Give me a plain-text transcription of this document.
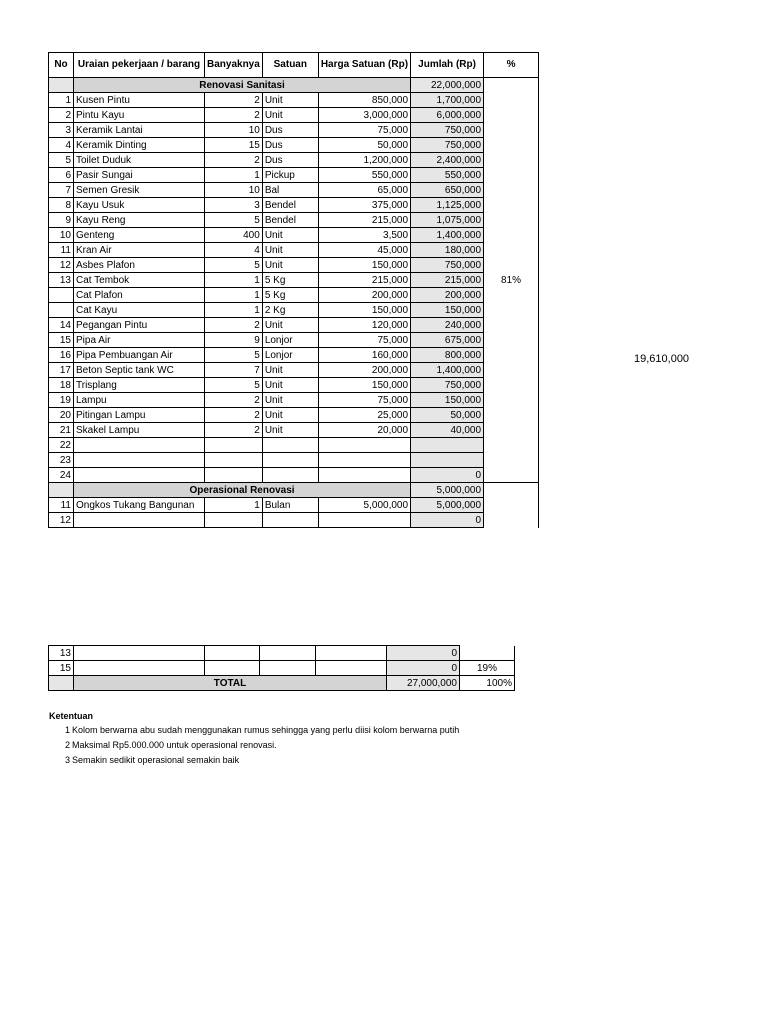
No	Uraian pekerjaan / barang	Banyaknya	Satuan	Harga Satuan (Rp)	Jumlah (Rp)	%
	Renovasi Sanitasi				22,000,000	81%
1	Kusen Pintu	2	Unit	850,000	1,700,000	
2	Pintu Kayu	2	Unit	3,000,000	6,000,000	
3	Keramik Lantai	10	Dus	75,000	750,000	
4	Keramik Dinting	15	Dus	50,000	750,000	
5	Toilet Duduk	2	Dus	1,200,000	2,400,000	
6	Pasir Sungai	1	Pickup	550,000	550,000	
7	Semen Gresik	10	Bal	65,000	650,000	
8	Kayu Usuk	3	Bendel	375,000	1,125,000	
9	Kayu Reng	5	Bendel	215,000	1,075,000	
10	Genteng	400	Unit	3,500	1,400,000	
11	Kran Air	4	Unit	45,000	180,000	
12	Asbes Plafon	5	Unit	150,000	750,000	
13	Cat Tembok	1	5 Kg	215,000	215,000	
	Cat Plafon	1	5 Kg	200,000	200,000	
	Cat Kayu	1	2 Kg	150,000	150,000	
14	Pegangan Pintu	2	Unit	120,000	240,000	
15	Pipa Air	9	Lonjor	75,000	675,000	
16	Pipa Pembuangan Air	5	Lonjor	160,000	800,000	
17	Beton Septic tank WC	7	Unit	200,000	1,400,000	
18	Trisplang	5	Unit	150,000	750,000	
19	Lampu	2	Unit	75,000	150,000	
20	Pitingan Lampu	2	Unit	25,000	50,000	
21	Skakel Lampu	2	Unit	20,000	40,000	
22						
23						
24					0	
	Operasional Renovasi				5,000,000	
11	Ongkos Tukang Bangunan	1	Bulan	5,000,000	5,000,000	
12					0	
13					0	
15					0	19%
	TOTAL				27,000,000	100%
19,610,000
Ketentuan
1 Kolom berwarna abu sudah menggunakan rumus sehingga yang perlu diisi kolom berwarna putih
2 Maksimal Rp5.000.000 untuk operasional renovasi.
3 Semakin sedikit operasional semakin baik
